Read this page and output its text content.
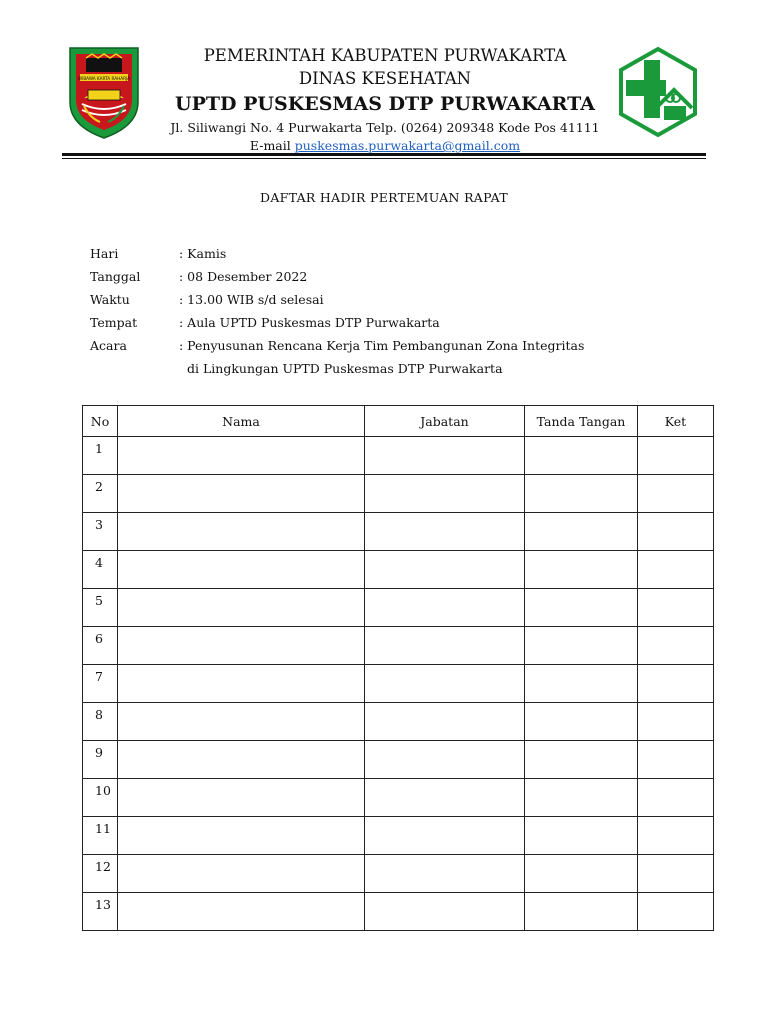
WIBAWA KARTA RAHARJA
PEMERINTAH KABUPATEN PURWAKARTA
DINAS KESEHATAN
UPTD PUSKESMAS DTP PURWAKARTA
Jl. Siliwangi No. 4 Purwakarta Telp. (0264) 209348 Kode Pos 41111
E-mail puskesmas.purwakarta@gmail.com
DAFTAR HADIR PERTEMUAN RAPAT
Hari	: Kamis
Tanggal	: 08 Desember 2022
Waktu	: 13.00 WIB s/d selesai
Tempat	: Aula UPTD Puskesmas DTP Purwakarta
Acara	: Penyusunan Rencana Kerja Tim Pembangunan Zona Integritas
di Lingkungan UPTD Puskesmas DTP Purwakarta
No	Nama	Jabatan	Tanda Tangan	Ket
1				
2				
3				
4				
5				
6				
7				
8				
9				
10				
11				
12				
13				
